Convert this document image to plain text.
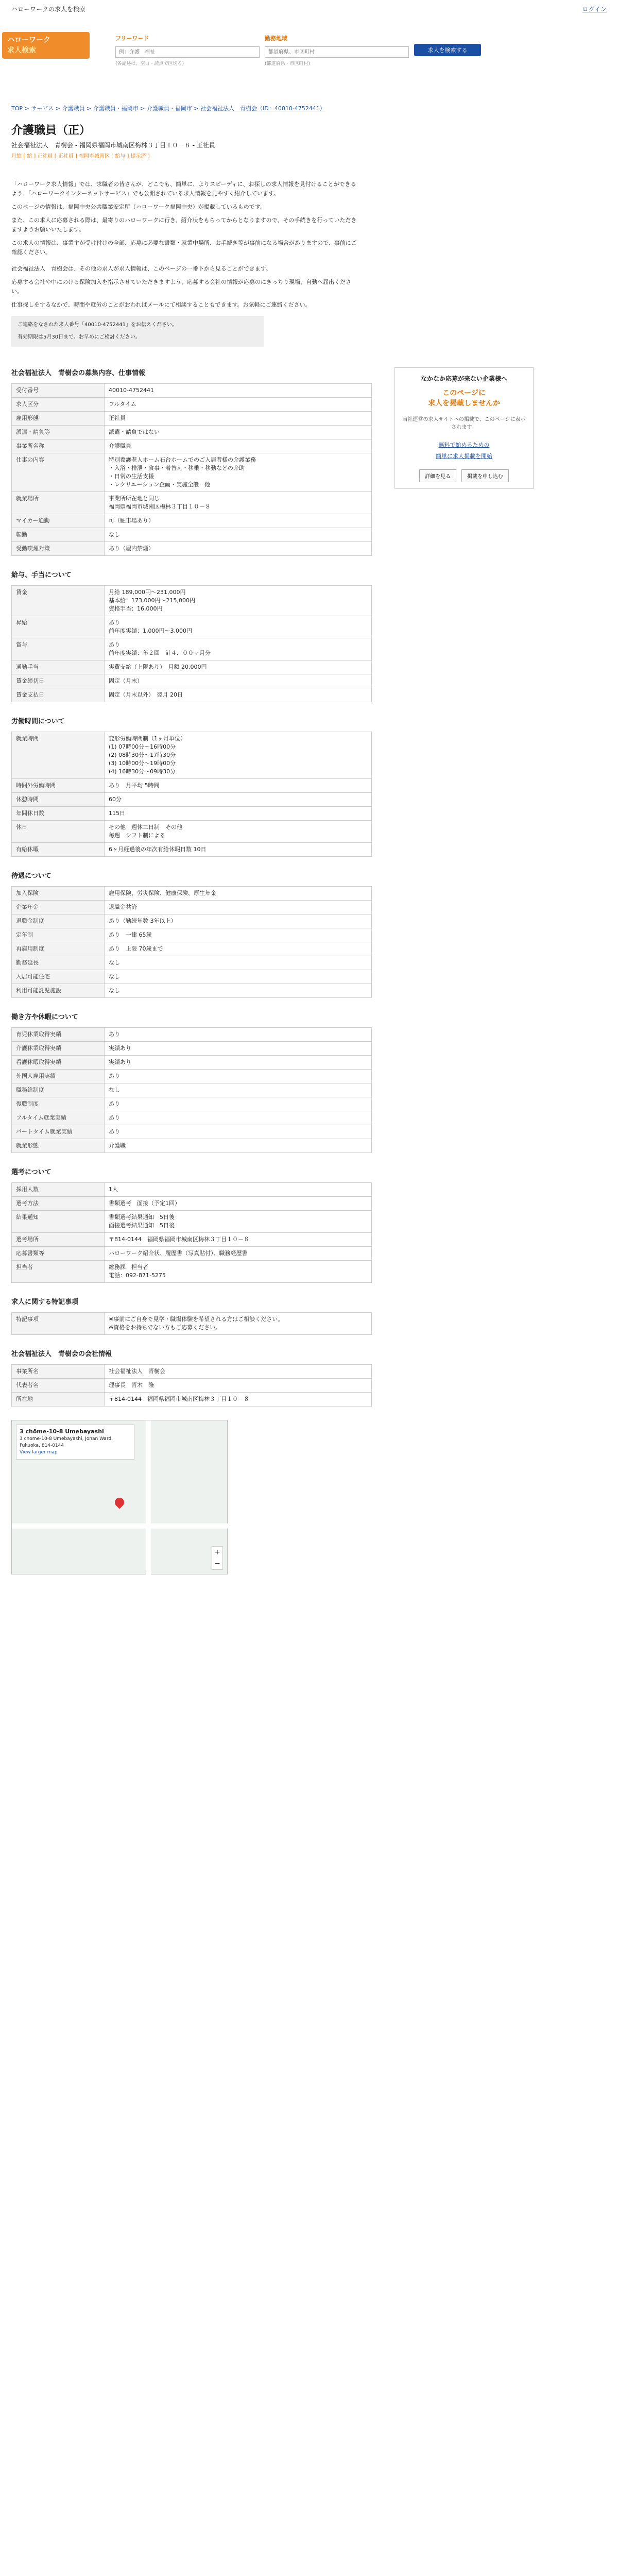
ハローワークの求人を検索	ログイン
ハローワーク
求人検索
フリーワード
例：介護　福祉	勤務地域
都道府県、市区町村
求人を検索する
(各記述は、空白・読点で区切る)	(都道府県・市区町村)
TOP > サービス > 介護職員 > 介護職員・福岡市 > 介護職員・福岡市 > 社会福祉法人　青樹会（ID：40010-4752441）
介護職員（正）
社会福祉法人　青樹会 - 福岡県福岡市城南区梅林３丁目１０－８ - 正社員
月給 [ 給 ] 正社員 [ 正社員 ] 福岡市城南区 [ 給与 ] 提示済 ]

「ハローワーク求人情報」では、求職者の皆さんが、どこでも、簡単に、よりスピーディに、お探しの求人情報を見付けることができるよう、「ハローワークインターネットサービス」でも公開されている求人情報を見やすく紹介しています。

このページの情報は、福岡中央公共職業安定所（ハローワーク福岡中央）が掲載しているものです。

また、この求人に応募される際は、最寄りのハローワークに行き、紹介状をもらってからとなりますので、その手続きを行っていただきますようお願いいたします。

この求人の情報は、事業主が受け付けの全部、応募に必要な書類・就業中場所、お手続き等が事前になる場合がありますので、事前にご確認ください。

社会福祉法人　青樹会は、その他の求人が求人情報は、このページの一番下から見ることができます。

応募する会社や中にのける保険加入を指示させていただきますよう、応募する会社の情報が応募のにきっちり現場、自動へ届出ください。

仕事探しをするなかで、時間や就労のことがおわればメールにて相談することもできます。お気軽にご連絡ください。

ご連絡をなされた求人番号「40010-4752441」をお伝えください。
有効期限は5月30日まで、お早めにご検討ください。
社会福祉法人　青樹会の募集内容、仕事情報
受付番号	40010-4752441
求人区分	フルタイム
雇用形態	正社員
派遣・請負等	派遣・請負ではない
事業所名称	介護職員
仕事の内容	特別養護老人ホーム石台ホームでのご入居者様の介護業務
・入浴・排泄・食事・着替え・移乗・移動などの介助
・日常の生活支援
・レクリエーション企画・実施全般　他
就業場所	事業所所在地と同じ
福岡県福岡市城南区梅林３丁目１０－８
マイカー通勤	可（駐車場あり）
転勤	なし
受動喫煙対策	あり（屋内禁煙）
給与、手当について
賃金	月給 189,000円～231,000円
基本給：173,000円～215,000円
資格手当：16,000円
昇給	あり
前年度実績：1,000円～3,000円
賞与	あり
前年度実績：年２回　計４．００ヶ月分
通勤手当	実費支給（上限あり）　月額 20,000円
賃金締切日	固定（月末）
賃金支払日	固定（月末以外）　翌月 20日
労働時間について
就業時間	変形労働時間制（1ヶ月単位）
(1) 07時00分～16時00分
(2) 08時30分～17時30分
(3) 10時00分～19時00分
(4) 16時30分～09時30分
時間外労働時間	あり　月平均 5時間
休憩時間	60分
年間休日数	115日
休日	その他　週休二日制　その他
毎週　シフト制による
有給休暇	6ヶ月経過後の年次有給休暇日数 10日
待遇について
加入保険	雇用保険、労災保険、健康保険、厚生年金
企業年金	退職金共済
退職金制度	あり（勤続年数 3年以上）
定年制	あり　一律 65歳
再雇用制度	あり　上限 70歳まで
勤務延長	なし
入居可能住宅	なし
利用可能託児施設	なし
働き方や休暇について
育児休業取得実績	あり
介護休業取得実績	実績あり
看護休暇取得実績	実績あり
外国人雇用実績	あり
職務給制度	なし
復職制度	あり
フルタイム就業実績	あり
パートタイム就業実績	あり
就業形態	介護職
選考について
採用人数	1人
選考方法	書類選考　面接（予定1回）
結果通知	書類選考結果通知　5日後
面接選考結果通知　5日後
選考場所	〒814-0144　福岡県福岡市城南区梅林３丁目１０－８
応募書類等	ハローワーク紹介状、履歴書（写真貼付）、職務経歴書
担当者	総務課　担当者
電話：092-871-5275
求人に関する特記事項
特記事項	※事前にご自身で見学・職場体験を希望される方はご相談ください。
※資格をお持ちでない方もご応募ください。
社会福祉法人　青樹会の会社情報
事業所名	社会福祉法人　青樹会
代表者名	理事長　青木　隆
所在地	〒814-0144　福岡県福岡市城南区梅林３丁目１０－８
3 chōme-10-8 Umebayashi
3 chome-10-8 Umebayashi, Jonan Ward, Fukuoka, 814-0144
View larger map
+
−
なかなか応募が来ない企業様へ
このページに
求人を掲載しませんか
当社運営の求人サイトへの掲載で、このページに表示されます。
無料で始めるための
簡単に求人掲載を開始
詳細を見る	掲載を申し込む
